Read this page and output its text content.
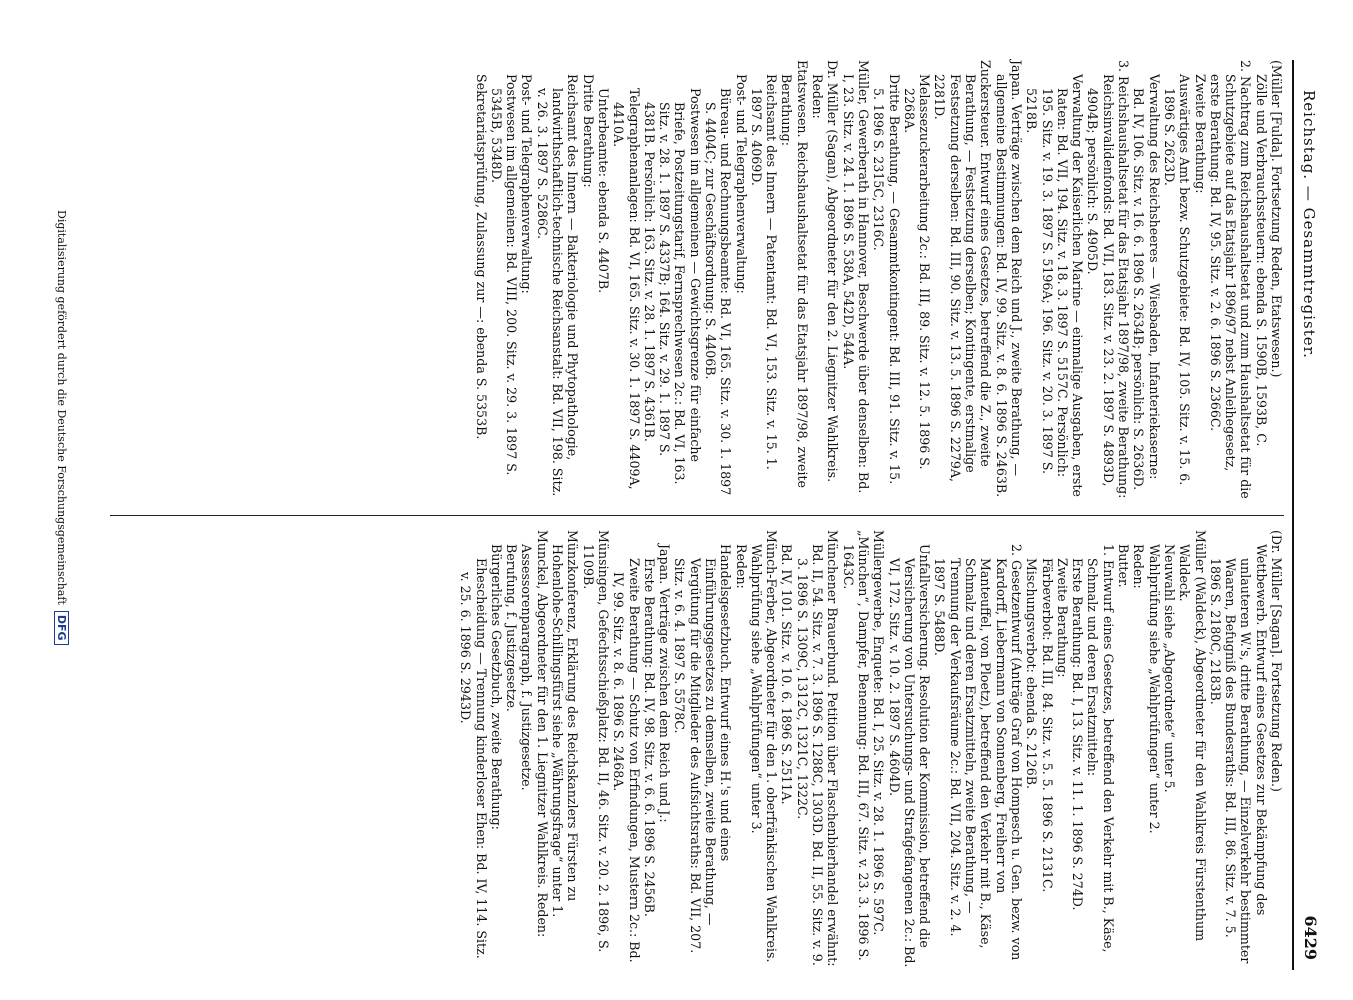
Reichstag. — Gesammtregister.
6429

(Müller [Fulda]. Fortsetzung Reden, Etatswesen.)

Zölle und Verbrauchssteuern: ebenda S. 1590B, 1593B, C.

2. Nachtrag zum Reichshaushaltsetat und zum Haushaltsetat für die Schutzgebiete auf das Etatsjahr 1896/97 nebst Anleihegesetz, erste Berathung: Bd. IV, 95. Sitz. v. 2. 6. 1896 S. 2366C.

Zweite Berathung:

Auswärtiges Amt bezw. Schutzgebiete: Bd. IV, 105. Sitz. v. 15. 6. 1896 S. 2623D.

Verwaltung des Reichsheeres — Wiesbaden, Infanteriekaserne: Bd. IV, 106. Sitz. v. 16. 6. 1896 S. 2634B; persönlich: S. 2636D.

3. Reichshaushaltsetat für das Etatsjahr 1897/98, zweite Berathung:

Reichsinvalidenfonds: Bd. VII, 183. Sitz. v. 23. 2. 1897 S. 4893D, 4904B; persönlich: S. 4905D.

Verwaltung der Kaiserlichen Marine — einmalige Ausgaben, erste Raten: Bd. VII, 194. Sitz. v. 18. 3. 1897 S. 5157C. Persönlich: 195. Sitz. v. 19. 3. 1897 S. 5196A; 196. Sitz. v. 20. 3. 1897 S. 5218B.

Japan. Verträge zwischen dem Reich und J., zweite Berathung, — allgemeine Bestimmungen: Bd. IV, 99. Sitz. v. 8. 6. 1896 S. 2463B.

Zuckersteuer. Entwurf eines Gesetzes, betreffend die Z., zweite Berathung, — Festsetzung derselben; Kontingente, erstmalige Festsetzung derselben: Bd. III, 90. Sitz. v. 13. 5. 1896 S. 2279A, 2281D.

Melassezuckerarbeitung 2c.: Bd. III, 89. Sitz. v. 12. 5. 1896 S. 2268A.

Dritte Berathung, — Gesammtkontingent: Bd. III, 91. Sitz. v. 15. 5. 1896 S. 2315C, 2316C.

Müller, Gewerberath in Hannover, Beschwerde über denselben: Bd. I, 23. Sitz. v. 24. 1. 1896 S. 538A, 542D, 544A.

Dr. Müller (Sagan), Abgeordneter für den 2. Liegnitzer Wahlkreis. Reden:

Etatswesen. Reichshaushaltsetat für das Etatsjahr 1897/98, zweite Berathung:

Reichsamt des Innern — Patentamt: Bd. VI, 153. Sitz. v. 15. 1. 1897 S. 4069D.

Post- und Telegraphenverwaltung:

Büreau- und Rechnungsbeamte: Bd. VI, 165. Sitz. v. 30. 1. 1897 S. 4404C; zur Geschäftsordnung: S. 4406B.

Postwesen im allgemeinen — Gewichtsgrenze für einfache Briefe, Postzeitungstarif, Fernsprechwesen 2c.: Bd. VI, 163. Sitz. v. 28. 1. 1897 S. 4337B; 164. Sitz. v. 29. 1. 1897 S. 4381B. Persönlich: 163. Sitz. v. 28. 1. 1897 S. 4361B.

Telegraphenanlagen: Bd. VI, 165. Sitz. v. 30. 1. 1897 S. 4409A, 4410A.

Unterbeamte: ebenda S. 4407B.

Dritte Berathung:

Reichsamt des Innern — Bakteriologie und Phytopathologie, landwirthschaftlich-technische Reichsanstalt: Bd. VII, 198. Sitz. v. 26. 3. 1897 S. 5286C.

Post- und Telegraphenverwaltung:

Postwesen im allgemeinen: Bd. VIII, 200. Sitz. v. 29. 3. 1897 S. 5345B, 5348D.

Sekretariatsprüfung, Zulassung zur —: ebenda S. 5353B.

(Dr. Müller [Sagan]. Fortsetzung Reden.)

Wettbewerb. Entwurf eines Gesetzes zur Bekämpfung des unlauteren W.'s, dritte Berathung, — Einzelverkehr bestimmter Waaren, Befugniß des Bundesraths: Bd. III, 86. Sitz. v. 7. 5. 1896 S. 2180C, 2183B.

Müller (Waldeck), Abgeordneter für den Wahlkreis Fürstenthum Waldeck.

Neuwahl siehe „Abgeordnete“ unter 5.

Wahlprüfung siehe „Wahlprüfungen“ unter 2.

Reden:

Butter.

1. Entwurf eines Gesetzes, betreffend den Verkehr mit B., Käse, Schmalz und deren Ersatzmitteln:

Erste Berathung: Bd. I, 13. Sitz. v. 11. 1. 1896 S. 274D.

Zweite Berathung:

Färbeverbot: Bd. III, 84. Sitz. v. 5. 5. 1896 S. 2131C.

Mischungsverbot: ebenda S. 2126B.

2. Gesetzentwurf (Anträge Graf von Hompesch u. Gen. bezw. von Kardorff, Liebermann von Sonnenberg, Freiherr von Manteuffel, von Ploetz), betreffend den Verkehr mit B., Käse, Schmalz und deren Ersatzmitteln, zweite Berathung, — Trennung der Verkaufsräume 2c.: Bd. VII, 204. Sitz. v. 2. 4. 1897 S. 5488D.

Unfallversicherung. Resolution der Kommission, betreffend die Versicherung von Untersuchungs- und Strafgefangenen 2c.: Bd. VI, 172. Sitz. v. 10. 2. 1897 S. 4604D.

Müllergewerbe, Enquete: Bd. I, 25. Sitz. v. 28. 1. 1896 S. 597C.

„München“, Dampfer, Benennung: Bd. III, 67. Sitz. v. 23. 3. 1896 S. 1643C.

Münchener Brauerbund. Petition über Flaschenbierhandel erwähnt:

Bd. II, 54. Sitz. v. 7. 3. 1896 S. 1288C, 1303D. Bd. II, 55. Sitz. v. 9. 3. 1896 S. 1309C, 1312C, 1321C, 1322C.

Bd. IV, 101. Sitz. v. 10. 6. 1896 S. 2511A.

Münch-Ferber, Abgeordneter für den 1. oberfränkischen Wahlkreis.

Wahlprüfung siehe „Wahlprüfungen“ unter 3.

Reden:

Handelsgesetzbuch. Entwurf eines H.'s und eines Einführungsgesetzes zu demselben, zweite Berathung, — Vergütung für die Mitglieder des Aufsichtsraths: Bd. VII, 207. Sitz. v. 6. 4. 1897 S. 5578C.

Japan. Verträge zwischen dem Reich und J.:

Erste Berathung: Bd. IV, 98. Sitz. v. 6. 6. 1896 S. 2456B.

Zweite Berathung — Schutz von Erfindungen, Mustern 2c.: Bd. IV, 99. Sitz. v. 8. 6. 1896 S. 2468A.

Münsingen, Gefechtsschießplatz: Bd. II, 46. Sitz. v. 20. 2. 1896, S. 1109B.

Münzkonferenz, Erklärung des Reichskanzlers Fürsten zu Hohenlohe-Schillingsfürst siehe „Währungsfrage“ unter 1.

Munckel, Abgeordneter für den 1. Liegnitzer Wahlkreis. Reden:

Assessorenparagraph, f. Justizgesetze.

Berufung, f. Justizgesetze.

Bürgerliches Gesetzbuch, zweite Berathung:

Ehescheidung — Trennung kinderloser Ehen: Bd. IV, 114. Sitz. v. 25. 6. 1896 S. 2943D.

Digitalisierung gefördert durch die Deutsche ForschungsgemeinschaftDFG
